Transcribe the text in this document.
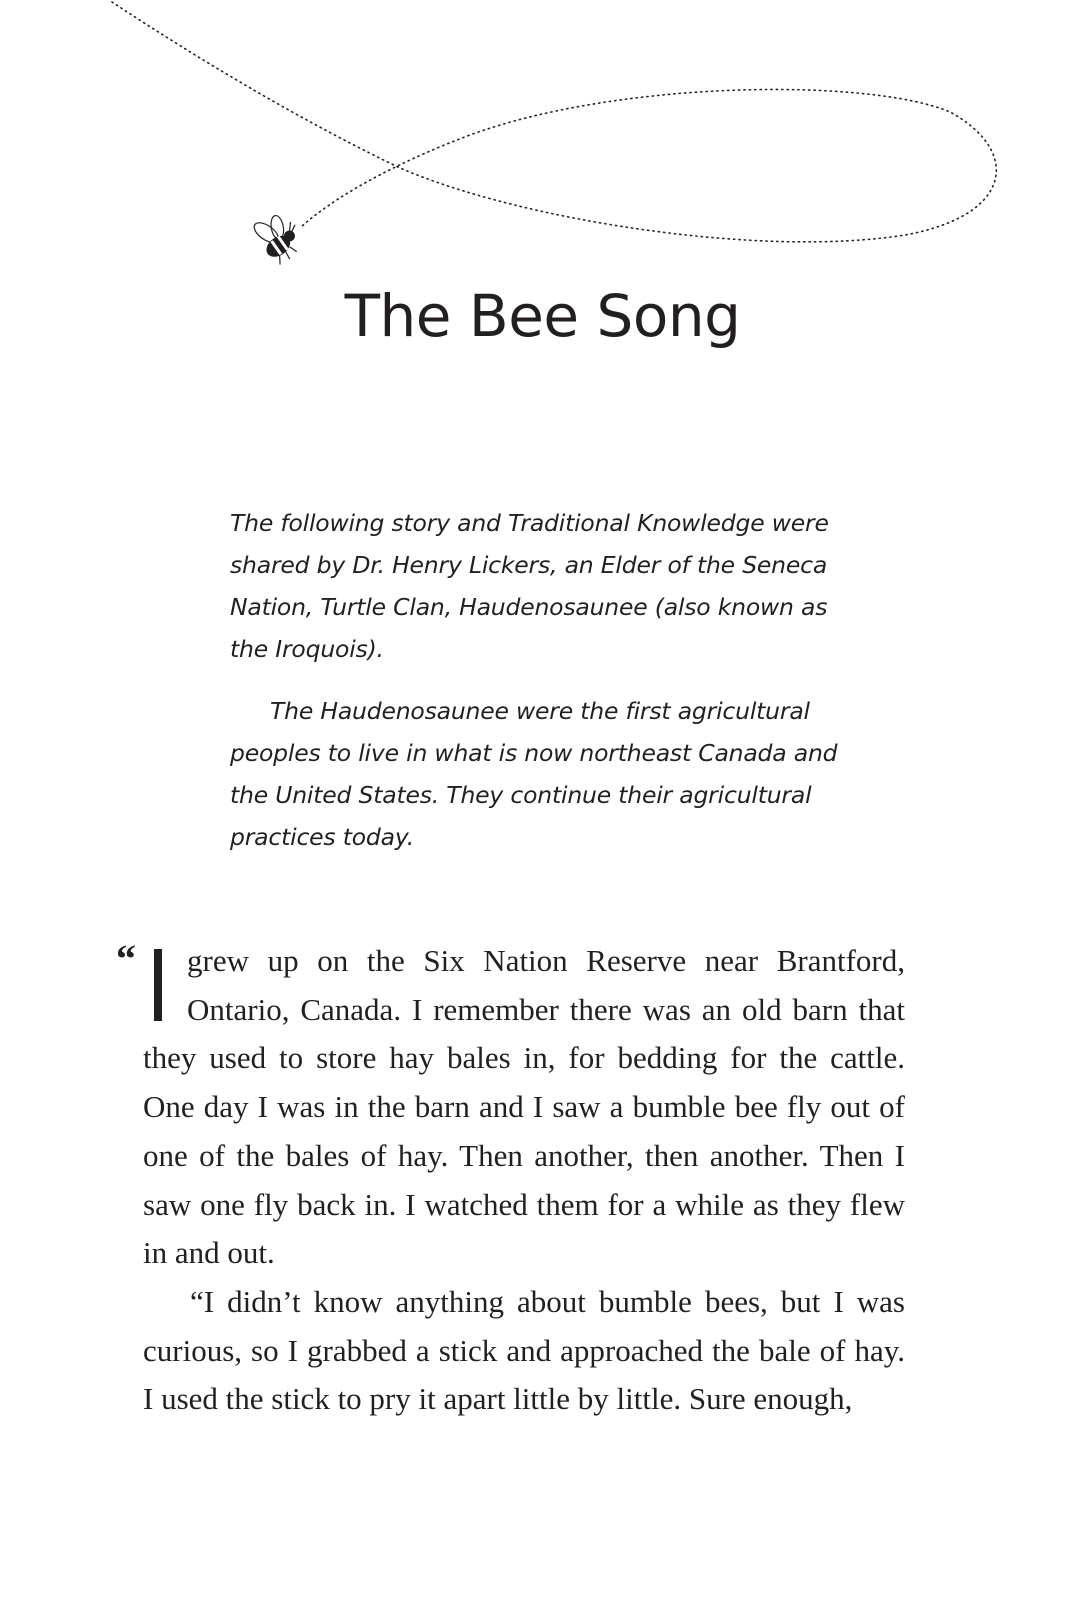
The Bee Song

The following story and Traditional Knowledge were shared by Dr. Henry Lickers, an Elder of the Seneca Nation, Turtle Clan, Haudenosaunee (also known as the Iroquois).

The Haudenosaunee were the first agricultural peoples to live in what is now northeast Canada and the United States. They continue their agricultural practices today.

“ grew up on the Six Nation Reserve near Brantford, Ontario, Canada. I remember there was an old barn that they used to store hay bales in, for bedding for the cattle. One day I was in the barn and I saw a bumble bee fly out of one of the bales of hay. Then another, then another. Then I saw one fly back in. I watched them for a while as they flew in and out.

“I didn’t know anything about bumble bees, but I was curious, so I grabbed a stick and approached the bale of hay. I used the stick to pry it apart little by little. Sure enough,
